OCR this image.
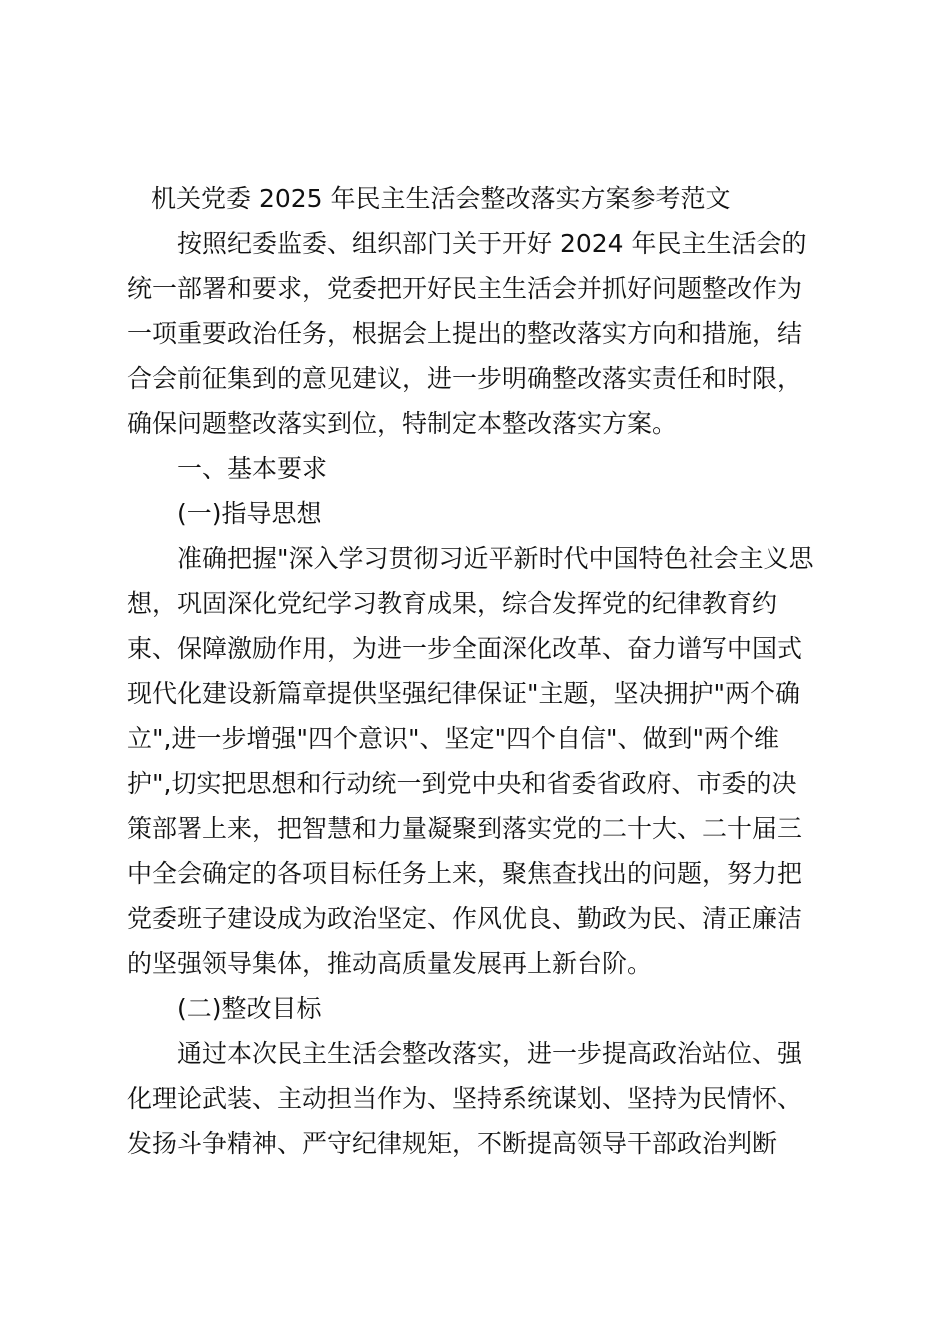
机关党委 2025 年民主生活会整改落实方案参考范文
按照纪委监委、组织部门关于开好 2024 年民主生活会的
统一部署和要求，党委把开好民主生活会并抓好问题整改作为
一项重要政治任务，根据会上提出的整改落实方向和措施，结
合会前征集到的意见建议，进一步明确整改落实责任和时限，
确保问题整改落实到位，特制定本整改落实方案。
一、基本要求
(一)指导思想
准确把握"深入学习贯彻习近平新时代中国特色社会主义思
想，巩固深化党纪学习教育成果，综合发挥党的纪律教育约
束、保障激励作用，为进一步全面深化改革、奋力谱写中国式
现代化建设新篇章提供坚强纪律保证"主题，坚决拥护"两个确
立",进一步增强"四个意识"、坚定"四个自信"、做到"两个维
护",切实把思想和行动统一到党中央和省委省政府、市委的决
策部署上来，把智慧和力量凝聚到落实党的二十大、二十届三
中全会确定的各项目标任务上来，聚焦查找出的问题，努力把
党委班子建设成为政治坚定、作风优良、勤政为民、清正廉洁
的坚强领导集体，推动高质量发展再上新台阶。
(二)整改目标
通过本次民主生活会整改落实，进一步提高政治站位、强
化理论武装、主动担当作为、坚持系统谋划、坚持为民情怀、
发扬斗争精神、严守纪律规矩，不断提高领导干部政治判断
